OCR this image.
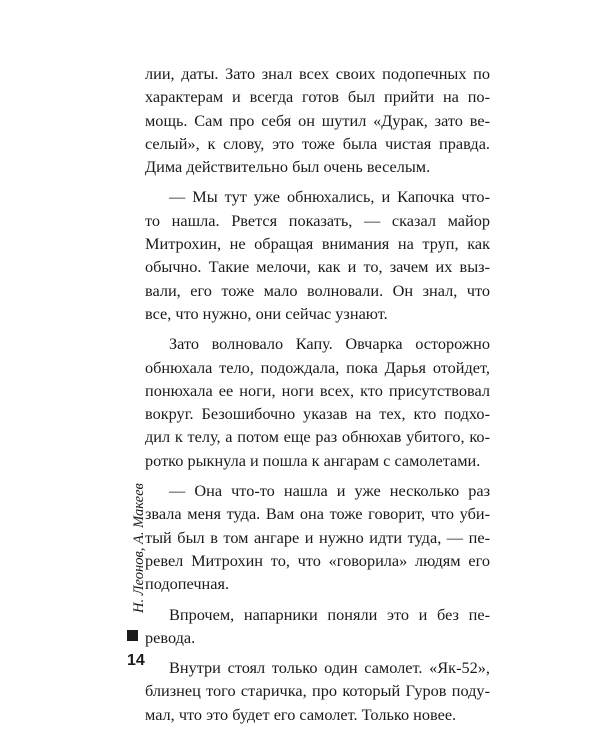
лии, даты. Зато знал всех своих подопечных по
характерам и всегда готов был прийти на по-
мощь. Сам про себя он шутил «Дурак, зато ве-
селый», к слову, это тоже была чистая правда.
Дима действительно был очень веселым.
— Мы тут уже обнюхались, и Капочка что-
то нашла. Рвется показать, — сказал майор
Митрохин, не обращая внимания на труп, как
обычно. Такие мелочи, как и то, зачем их выз-
вали, его тоже мало волновали. Он знал, что
все, что нужно, они сейчас узнают.
Зато волновало Капу. Овчарка осторожно
обнюхала тело, подождала, пока Дарья отойдет,
понюхала ее ноги, ноги всех, кто присутствовал
вокруг. Безошибочно указав на тех, кто подхо-
дил к телу, а потом еще раз обнюхав убитого, ко-
ротко рыкнула и пошла к ангарам с самолетами.
— Она что-то нашла и уже несколько раз
звала меня туда. Вам она тоже говорит, что уби-
тый был в том ангаре и нужно идти туда, — пе-
ревел Митрохин то, что «говорила» людям его
подопечная.
Впрочем, напарники поняли это и без пе-
ревода.
Внутри стоял только один самолет. «Як-52»,
близнец того старичка, про который Гуров поду-
мал, что это будет его самолет. Только новее.
Н. Леонов, А. Макеев
14
